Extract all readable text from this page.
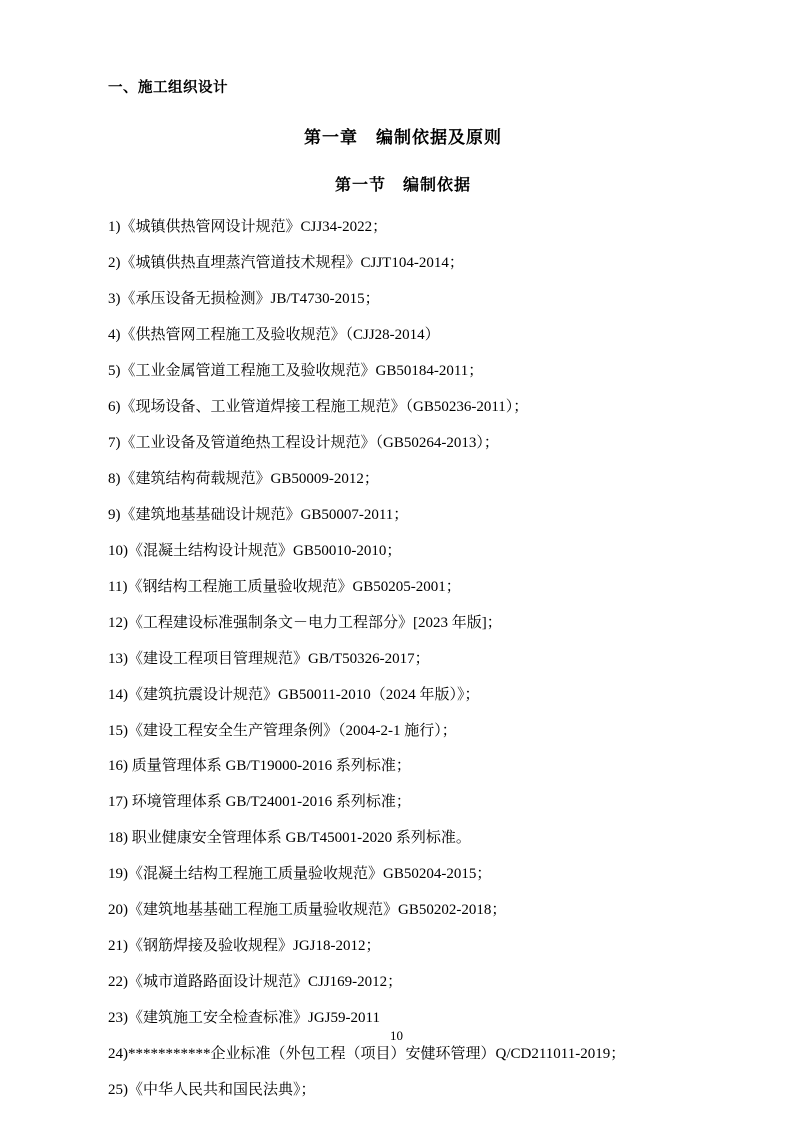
一、施工组织设计
第一章　编制依据及原则
第一节　编制依据
1)《城镇供热管网设计规范》CJJ34-2022；
2)《城镇供热直埋蒸汽管道技术规程》CJJT104-2014；
3)《承压设备无损检测》JB/T4730-2015；
4)《供热管网工程施工及验收规范》（CJJ28-2014）
5)《工业金属管道工程施工及验收规范》GB50184-2011；
6)《现场设备、工业管道焊接工程施工规范》（GB50236-2011）；
7)《工业设备及管道绝热工程设计规范》（GB50264-2013）；
8)《建筑结构荷载规范》GB50009-2012；
9)《建筑地基基础设计规范》GB50007-2011；
10)《混凝土结构设计规范》GB50010-2010；
11)《钢结构工程施工质量验收规范》GB50205-2001；
12)《工程建设标准强制条文－电力工程部分》[2023 年版]；
13)《建设工程项目管理规范》GB/T50326-2017；
14)《建筑抗震设计规范》GB50011-2010（2024 年版）》；
15)《建设工程安全生产管理条例》（2004-2-1 施行）；
16) 质量管理体系 GB/T19000-2016 系列标准；
17) 环境管理体系 GB/T24001-2016 系列标准；
18) 职业健康安全管理体系 GB/T45001-2020 系列标准。
19)《混凝土结构工程施工质量验收规范》GB50204-2015；
20)《建筑地基基础工程施工质量验收规范》GB50202-2018；
21)《钢筋焊接及验收规程》JGJ18-2012；
22)《城市道路路面设计规范》CJJ169-2012；
23)《建筑施工安全检查标准》JGJ59-2011
24)***********企业标准（外包工程（项目）安健环管理）Q/CD211011-2019；
25)《中华人民共和国民法典》；
10
